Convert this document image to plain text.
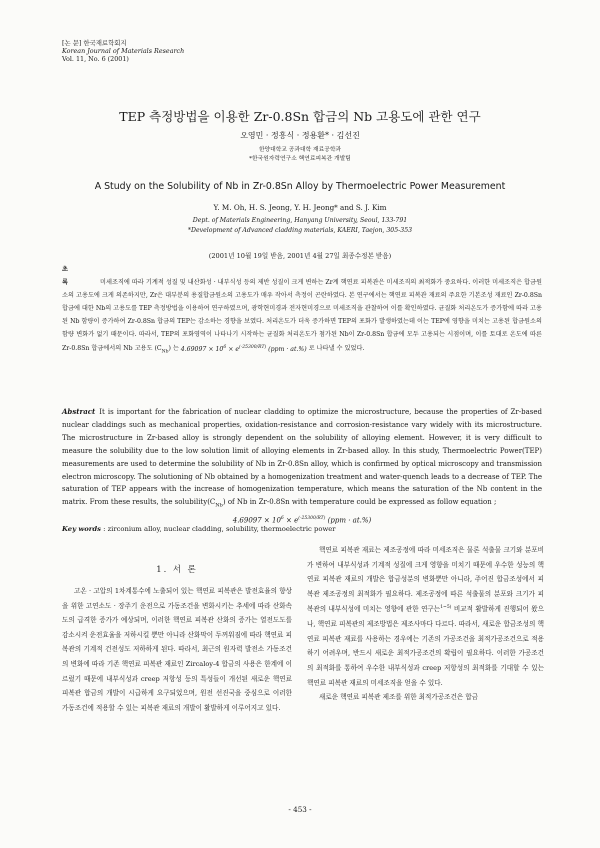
[논 문] 한국재료학회지
Korean Journal of Materials Research
Vol. 11, No. 6 (2001)
TEP 측정방법을 이용한 Zr-0.8Sn 합금의 Nb 고용도에 관한 연구
오영민 · 정흥식 · 정용환* · 김선진
한양대학교 공과대학 재료공학과
*한국원자력연구소 핵연료피복관 개발팀
A Study on the Solubility of Nb in Zr-0.8Sn Alloy by Thermoelectric Power Measurement
Y. M. Oh, H. S. Jeong, Y. H. Jeong* and S. J. Kim
Dept. of Materials Engineering, Hanyang University, Seoul, 133-791
*Development of Advanced cladding materials, KAERI, Taejon, 305-353
(2001년 10월 19일 받음, 2001년 4월 27일 최종수정본 받음)
초 록	미세조직에 따라 기계적 성질 및 내산화성 · 내부식성 등의 제반 성질이 크게 변하는 Zr계 핵연료 피복관은 미세조직의 최적화가 중요하다. 이러한 미세조직은 합금원소의 고용도에 크게 의존하지만, Zr은 대부분의 용질합금원소의 고용도가 매우 작아서 측정이 곤란하였다. 본 연구에서는 핵연료 피복관 재료의 주요한 기본조성 재료인 Zr-0.8Sn 합금에 대한 Nb의 고용도를 TEP 측정방법을 이용하여 연구하였으며, 광학현미경과 전자현미경으로 미세조직을 관찰하여 이를 확인하였다. 균질화 처리온도가 증가함에 따라 고용된 Nb 함량이 증가하여 Zr-0.8Sn 합금의 TEP는 감소하는 경향을 보였다. 처리온도가 더욱 증가하면 TEP의 포화가 발생하였는데 이는 TEP에 영향을 미치는 고용된 합금원소의 함량 변화가 없기 때문이다. 따라서, TEP의 포화영역이 나타나기 시작하는 균질화 처리온도가 첨가된 Nb이 Zr-0.8Sn 합금에 모두 고용되는 시점이며, 이를 토대로 온도에 따른 Zr-0.8Sn 합금에서의 Nb 고용도 $(C_{Nb})$ 는 $4.69097 \times 10^6 \times e^{(-25300/RT)}$ (ppm · at.%) 로 나타낼 수 있었다.
Abstract It is important for the fabrication of nuclear cladding to optimize the microstructure, because the properties of Zr-based nuclear claddings such as mechanical properties, oxidation-resistance and corrosion-resistance vary widely with its microstructure. The microstructure in Zr-based alloy is strongly dependent on the solubility of alloying element. However, it is very difficult to measure the solubility due to the low solution limit of alloying elements in Zr-based alloy. In this study, Thermoelectric Power(TEP) measurements are used to determine the solubility of Nb in Zr-0.8Sn alloy, which is confirmed by optical microscopy and transmission electron microscopy. The solutioning of Nb obtained by a homogenization treatment and water-quench leads to a decrease of TEP. The saturation of TEP appears with the increase of homogenization temperature, which means the saturation of the Nb content in the matrix. From these results, the $solubility(C_{Nb})$ of Nb in Zr-0.8Sn with temperature could be expressed as follow equation ;
$4.69097 \times 10^6 \times e^{(-25300/RT)}$ (ppm · at.%)
Key words : zirconium alloy, nuclear cladding, solubility, thermoelectric power
1. 서 론

고온 · 고압의 1차계통수에 노출되어 있는 핵연료 피복관은 발전효율의 향상을 위한 고연소도 · 장주기 운전으로 가동조건을 변화시키는 추세에 따라 산화속도의 급격한 증가가 예상되며, 이러한 핵연료 피복관 산화의 증가는 열전도도를 감소시켜 운전효율을 저하시킬 뿐만 아니라 산화막이 두꺼워짐에 따라 핵연료 피복관의 기계적 건전성도 저하하게 된다. 따라서, 최근의 원자력 발전소 가동조건의 변화에 따라 기존 핵연료 피복관 재료인 Zircaloy-4 합금의 사용은 한계에 이르렀기 때문에 내부식성과 creep 저항성 등의 특성들이 개선된 새로운 핵연료 피복관 합금의 개발이 시급하게 요구되었으며, 원전 선진국을 중심으로 이러한 가동조건에 적용할 수 있는 피복관 재료의 개발이 활발하게 이루어지고 있다.

핵연료 피복관 재료는 제조공정에 따라 미세조직은 물론 석출물 크기와 분포비가 변하여 내부식성과 기계적 성질에 크게 영향을 미치기 때문에 우수한 성능의 핵연료 피복관 재료의 개발은 합금성분의 변화뿐만 아니라, 주어진 합금조성에서 피복관 제조공정의 최적화가 필요하다. 제조공정에 따른 석출물의 분포와 크기가 피복관의 내부식성에 미치는 영향에 관한 연구는$^{1\sim 5)}$ 비교적 활발하게 진행되어 왔으나, 핵연료 피복관의 제조방법은 제조사마다 다르다. 따라서, 새로운 합금조성의 핵연료 피복관 재료를 사용하는 경우에는 기존의 가공조건을 최적가공조건으로 적용하기 어려우며, 반드시 새로운 최적가공조건의 확립이 필요하다. 이러한 가공조건의 최적화를 통하여 우수한 내부식성과 creep 저항성의 최적화를 기대할 수 있는 핵연료 피복관 재료의 미세조직을 얻을 수 있다.

새로운 핵연료 피복관 제조를 위한 최적가공조건은 합금

- 453 -
